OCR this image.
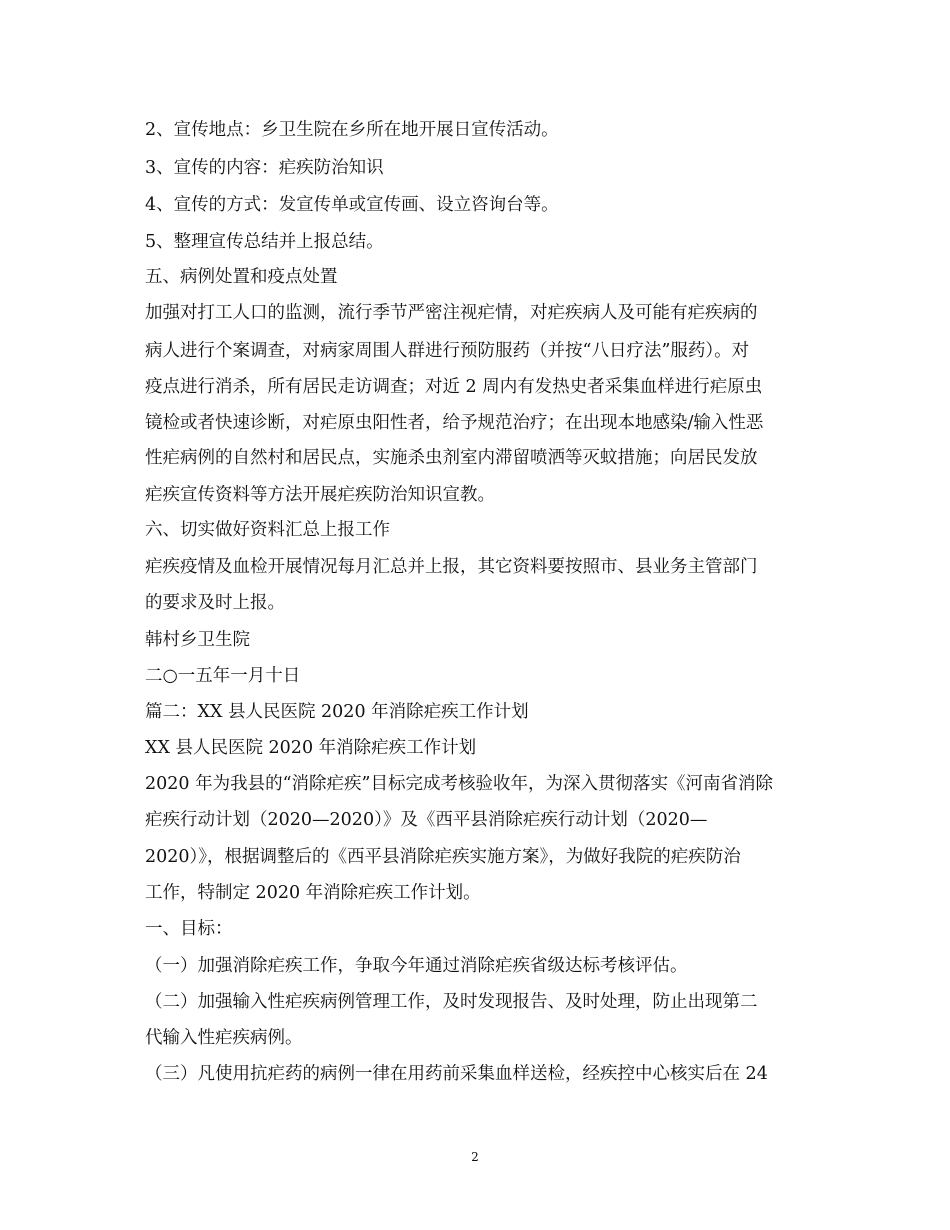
2、宣传地点：乡卫生院在乡所在地开展日宣传活动。
3、宣传的内容：疟疾防治知识
4、宣传的方式：发宣传单或宣传画、设立咨询台等。
5、整理宣传总结并上报总结。
五、病例处置和疫点处置
加强对打工人口的监测，流行季节严密注视疟情，对疟疾病人及可能有疟疾病的
病人进行个案调查，对病家周围人群进行预防服药（并按“八日疗法”服药）。对
疫点进行消杀，所有居民走访调查；对近 2 周内有发热史者采集血样进行疟原虫
镜检或者快速诊断，对疟原虫阳性者，给予规范治疗；在出现本地感染/输入性恶
性疟病例的自然村和居民点，实施杀虫剂室内滞留喷洒等灭蚊措施；向居民发放
疟疾宣传资料等方法开展疟疾防治知识宣教。
六、切实做好资料汇总上报工作
疟疾疫情及血检开展情况每月汇总并上报，其它资料要按照市、县业务主管部门
的要求及时上报。
韩村乡卫生院
二○一五年一月十日
篇二：XX 县人民医院 2020 年消除疟疾工作计划
XX 县人民医院 2020 年消除疟疾工作计划
2020 年为我县的“消除疟疾”目标完成考核验收年，为深入贯彻落实《河南省消除
疟疾行动计划（2020—2020）》及《西平县消除疟疾行动计划（2020—
2020）》，根据调整后的《西平县消除疟疾实施方案》，为做好我院的疟疾防治
工作，特制定 2020 年消除疟疾工作计划。
一、目标：
（一）加强消除疟疾工作，争取今年通过消除疟疾省级达标考核评估。
（二）加强输入性疟疾病例管理工作，及时发现报告、及时处理，防止出现第二
代输入性疟疾病例。
（三）凡使用抗疟药的病例一律在用药前采集血样送检，经疾控中心核实后在 24
2
